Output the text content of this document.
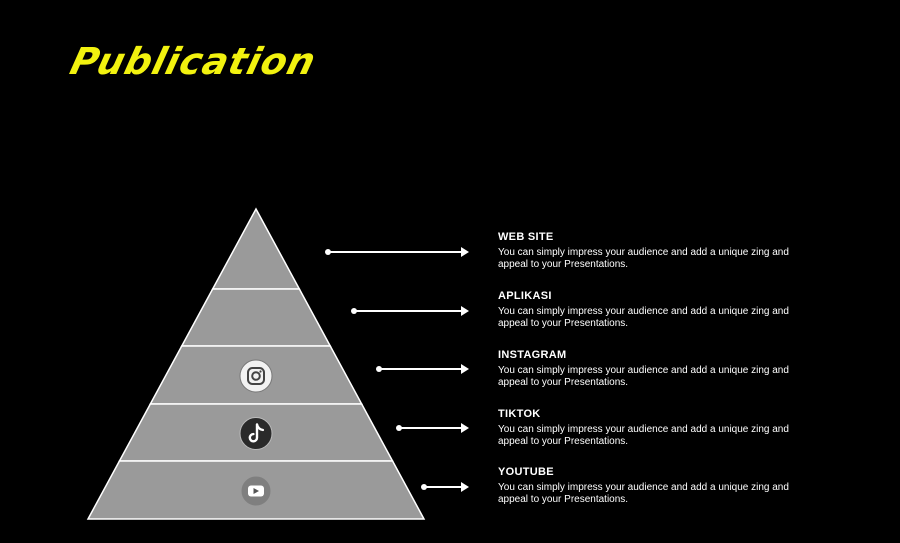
Publication
WEB SITE
You can simply impress your audience and add a unique zing and appeal to your Presentations.
APLIKASI
You can simply impress your audience and add a unique zing and appeal to your Presentations.
INSTAGRAM
You can simply impress your audience and add a unique zing and appeal to your Presentations.
TIKTOK
You can simply impress your audience and add a unique zing and appeal to your Presentations.
YOUTUBE
You can simply impress your audience and add a unique zing and appeal to your Presentations.
